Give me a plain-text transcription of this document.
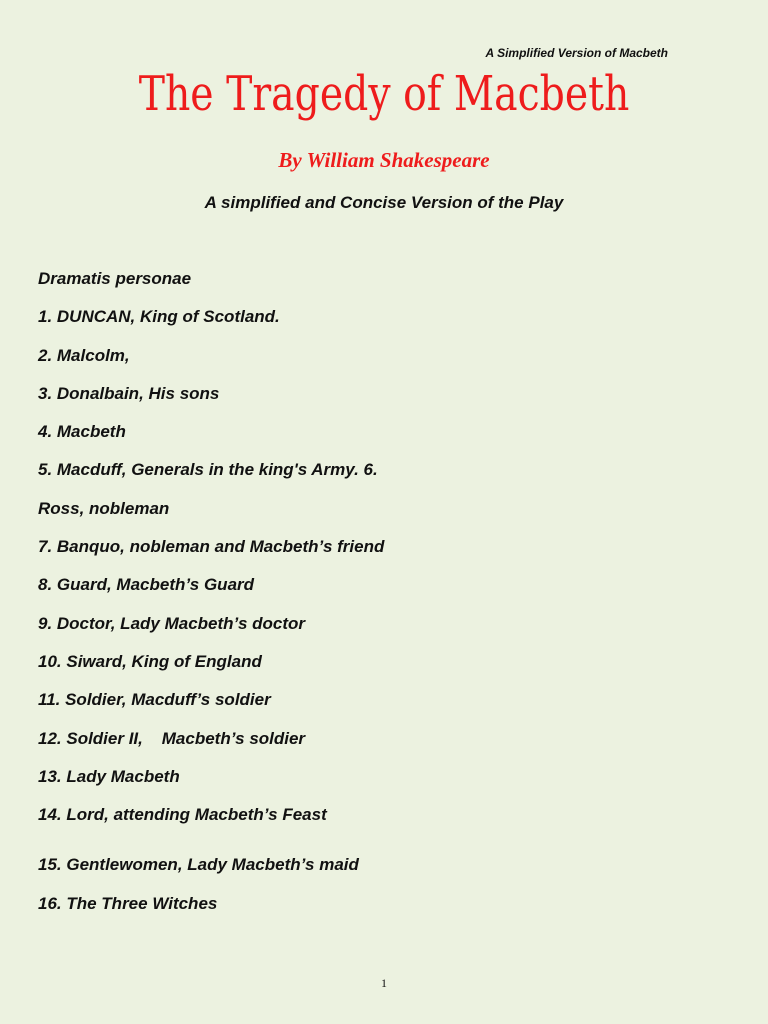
A Simplified Version of Macbeth
The Tragedy of Macbeth
By William Shakespeare
A simplified and Concise Version of the Play
Dramatis personae
1. DUNCAN, King of Scotland.
2. Malcolm,
3. Donalbain, His sons
4. Macbeth
5. Macduff, Generals in the king's Army. 6.
Ross, nobleman
7. Banquo, nobleman and Macbeth’s friend
8. Guard, Macbeth’s Guard
9. Doctor, Lady Macbeth’s doctor
10. Siward, King of England
11. Soldier, Macduff’s soldier
12. Soldier II,    Macbeth’s soldier
13. Lady Macbeth
14. Lord, attending Macbeth’s Feast
15. Gentlewomen, Lady Macbeth’s maid
16. The Three Witches
1
